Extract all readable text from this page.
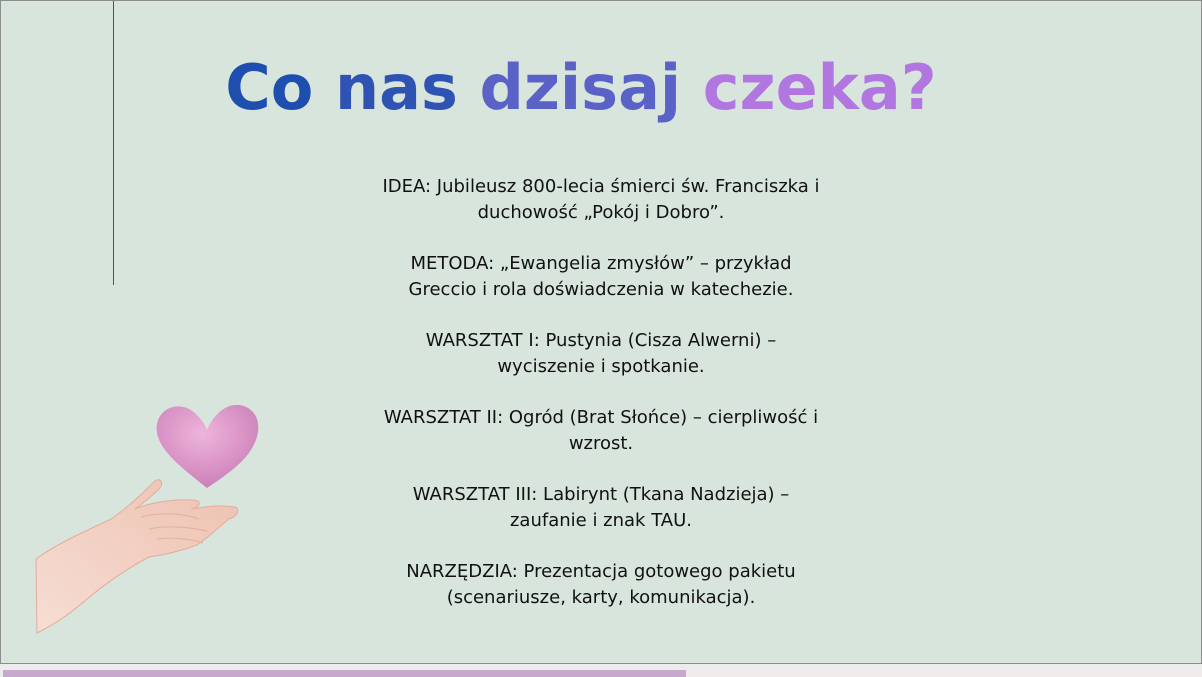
Co nas dzisaj czeka?

IDEA: Jubileusz 800-lecia śmierci św. Franciszka i
duchowość „Pokój i Dobro”.

METODA: „Ewangelia zmysłów” – przykład
Greccio i rola doświadczenia w katechezie.

WARSZTAT I: Pustynia (Cisza Alwerni) –
wyciszenie i spotkanie.

WARSZTAT II: Ogród (Brat Słońce) – cierpliwość i
wzrost.

WARSZTAT III: Labirynt (Tkana Nadzieja) –
zaufanie i znak TAU.

NARZĘDZIA: Prezentacja gotowego pakietu
(scenariusze, karty, komunikacja).
